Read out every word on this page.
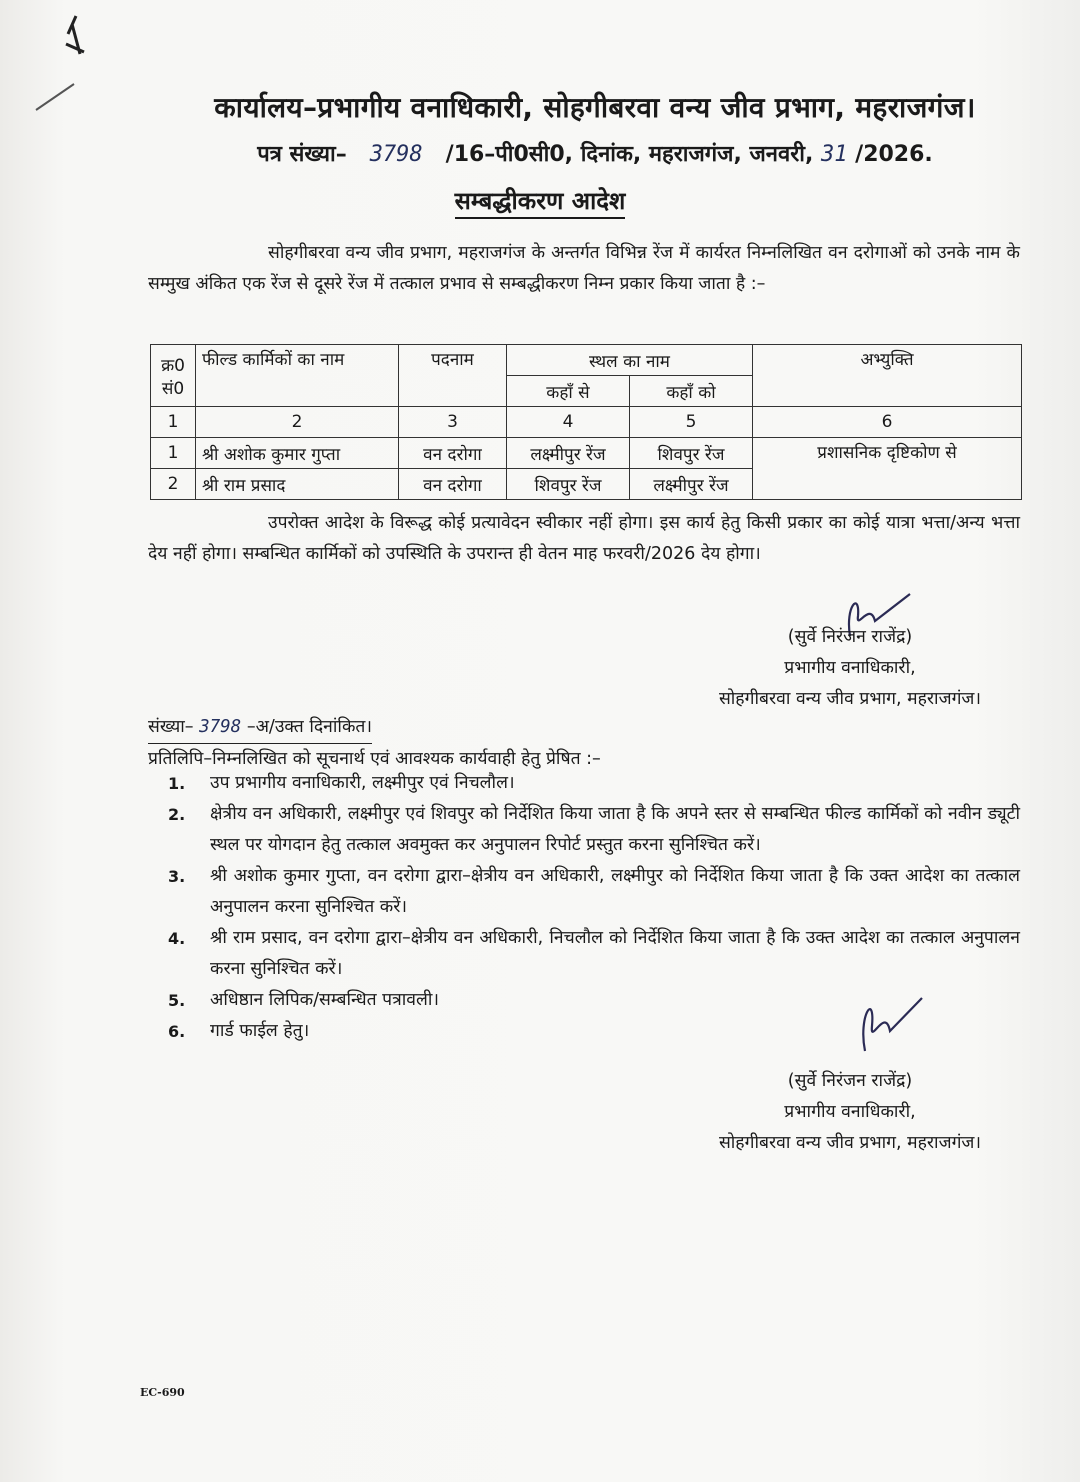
कार्यालय–प्रभागीय वनाधिकारी, सोहगीबरवा वन्य जीव प्रभाग, महराजगंज।
पत्र संख्या– 3798 /16–पी0सी0, दिनांक, महराजगंज, जनवरी, 31 /2026.
सम्बद्धीकरण आदेश
सोहगीबरवा वन्य जीव प्रभाग, महराजगंज के अन्तर्गत विभिन्न रेंज में कार्यरत निम्नलिखित वन दरोगाओं को उनके नाम के सम्मुख अंकित एक रेंज से दूसरे रेंज में तत्काल प्रभाव से सम्बद्धीकरण निम्न प्रकार किया जाता है :–
क्र0
सं0	फील्ड कार्मिकों का नाम	पदनाम	स्थल का नाम		अभ्युक्ति
			कहाँ से	कहाँ को	
1	2	3	4	5	6
1	श्री अशोक कुमार गुप्ता	वन दरोगा	लक्ष्मीपुर रेंज	शिवपुर रेंज	प्रशासनिक दृष्टिकोण से
2	श्री राम प्रसाद	वन दरोगा	शिवपुर रेंज	लक्ष्मीपुर रेंज	
उपरोक्त आदेश के विरूद्ध कोई प्रत्यावेदन स्वीकार नहीं होगा। इस कार्य हेतु किसी प्रकार का कोई यात्रा भत्ता/अन्य भत्ता देय नहीं होगा। सम्बन्धित कार्मिकों को उपस्थिति के उपरान्त ही वेतन माह फरवरी/2026 देय होगा।
(सुर्वे निरंजन राजेंद्र)
प्रभागीय वनाधिकारी,
सोहगीबरवा वन्य जीव प्रभाग, महराजगंज।
संख्या– 3798 –अ/उक्त दिनांकित।
प्रतिलिपि–निम्नलिखित को सूचनार्थ एवं आवश्यक कार्यवाही हेतु प्रेषित :–
1.	उप प्रभागीय वनाधिकारी, लक्ष्मीपुर एवं निचलौल।
2.	क्षेत्रीय वन अधिकारी, लक्ष्मीपुर एवं शिवपुर को निर्देशित किया जाता है कि अपने स्तर से सम्बन्धित फील्ड कार्मिकों को नवीन ड्यूटी स्थल पर योगदान हेतु तत्काल अवमुक्त कर अनुपालन रिपोर्ट प्रस्तुत करना सुनिश्चित करें।
3.	श्री अशोक कुमार गुप्ता, वन दरोगा द्वारा–क्षेत्रीय वन अधिकारी, लक्ष्मीपुर को निर्देशित किया जाता है कि उक्त आदेश का तत्काल अनुपालन करना सुनिश्चित करें।
4.	श्री राम प्रसाद, वन दरोगा द्वारा–क्षेत्रीय वन अधिकारी, निचलौल को निर्देशित किया जाता है कि उक्त आदेश का तत्काल अनुपालन करना सुनिश्चित करें।
5.	अधिष्ठान लिपिक/सम्बन्धित पत्रावली।
6.	गार्ड फाईल हेतु।
(सुर्वे निरंजन राजेंद्र)
प्रभागीय वनाधिकारी,
सोहगीबरवा वन्य जीव प्रभाग, महराजगंज।
EC-690
